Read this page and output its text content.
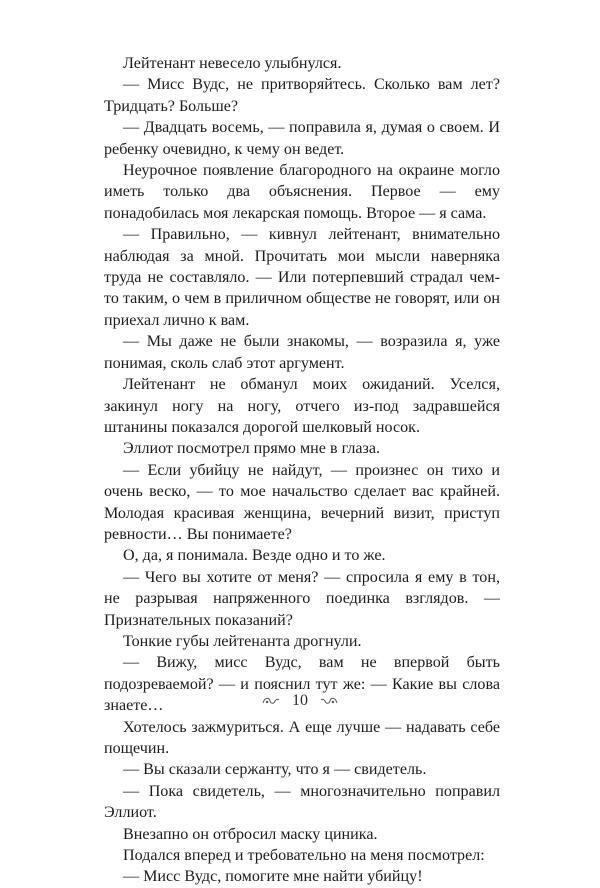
Лейтенант невесело улыбнулся.

— Мисс Вудс, не притворяйтесь. Сколько вам лет? Тридцать? Больше?

— Двадцать восемь, — поправила я, думая о своем. И ребенку очевидно, к чему он ведет.

Неурочное появление благородного на окраине могло иметь только два объяснения. Первое — ему понадобилась моя лекарская помощь. Второе — я сама.

— Правильно, — кивнул лейтенант, внимательно наблюдая за мной. Прочитать мои мысли наверняка труда не составляло. — Или потерпевший страдал чем-то таким, о чем в приличном обществе не говорят, или он приехал лично к вам.

— Мы даже не были знакомы, — возразила я, уже понимая, сколь слаб этот аргумент.

Лейтенант не обманул моих ожиданий. Уселся, закинул ногу на ногу, отчего из-под задравшейся штанины показался дорогой шелковый носок.

Эллиот посмотрел прямо мне в глаза.

— Если убийцу не найдут, — произнес он тихо и очень веско, — то мое начальство сделает вас крайней. Молодая красивая женщина, вечерний визит, приступ ревности… Вы понимаете?

О, да, я понимала. Везде одно и то же.

— Чего вы хотите от меня? — спросила я ему в тон, не разрывая напряженного поединка взглядов. — Признательных показаний?

Тонкие губы лейтенанта дрогнули.

— Вижу, мисс Вудс, вам не впервой быть подозреваемой? — и пояснил тут же: — Какие вы слова знаете…

Хотелось зажмуриться. А еще лучше — надавать себе пощечин.

— Вы сказали сержанту, что я — свидетель.

— Пока свидетель, — многозначительно поправил Эллиот.

Внезапно он отбросил маску циника.

Подался вперед и требовательно на меня посмотрел:

— Мисс Вудс, помогите мне найти убийцу!

10
